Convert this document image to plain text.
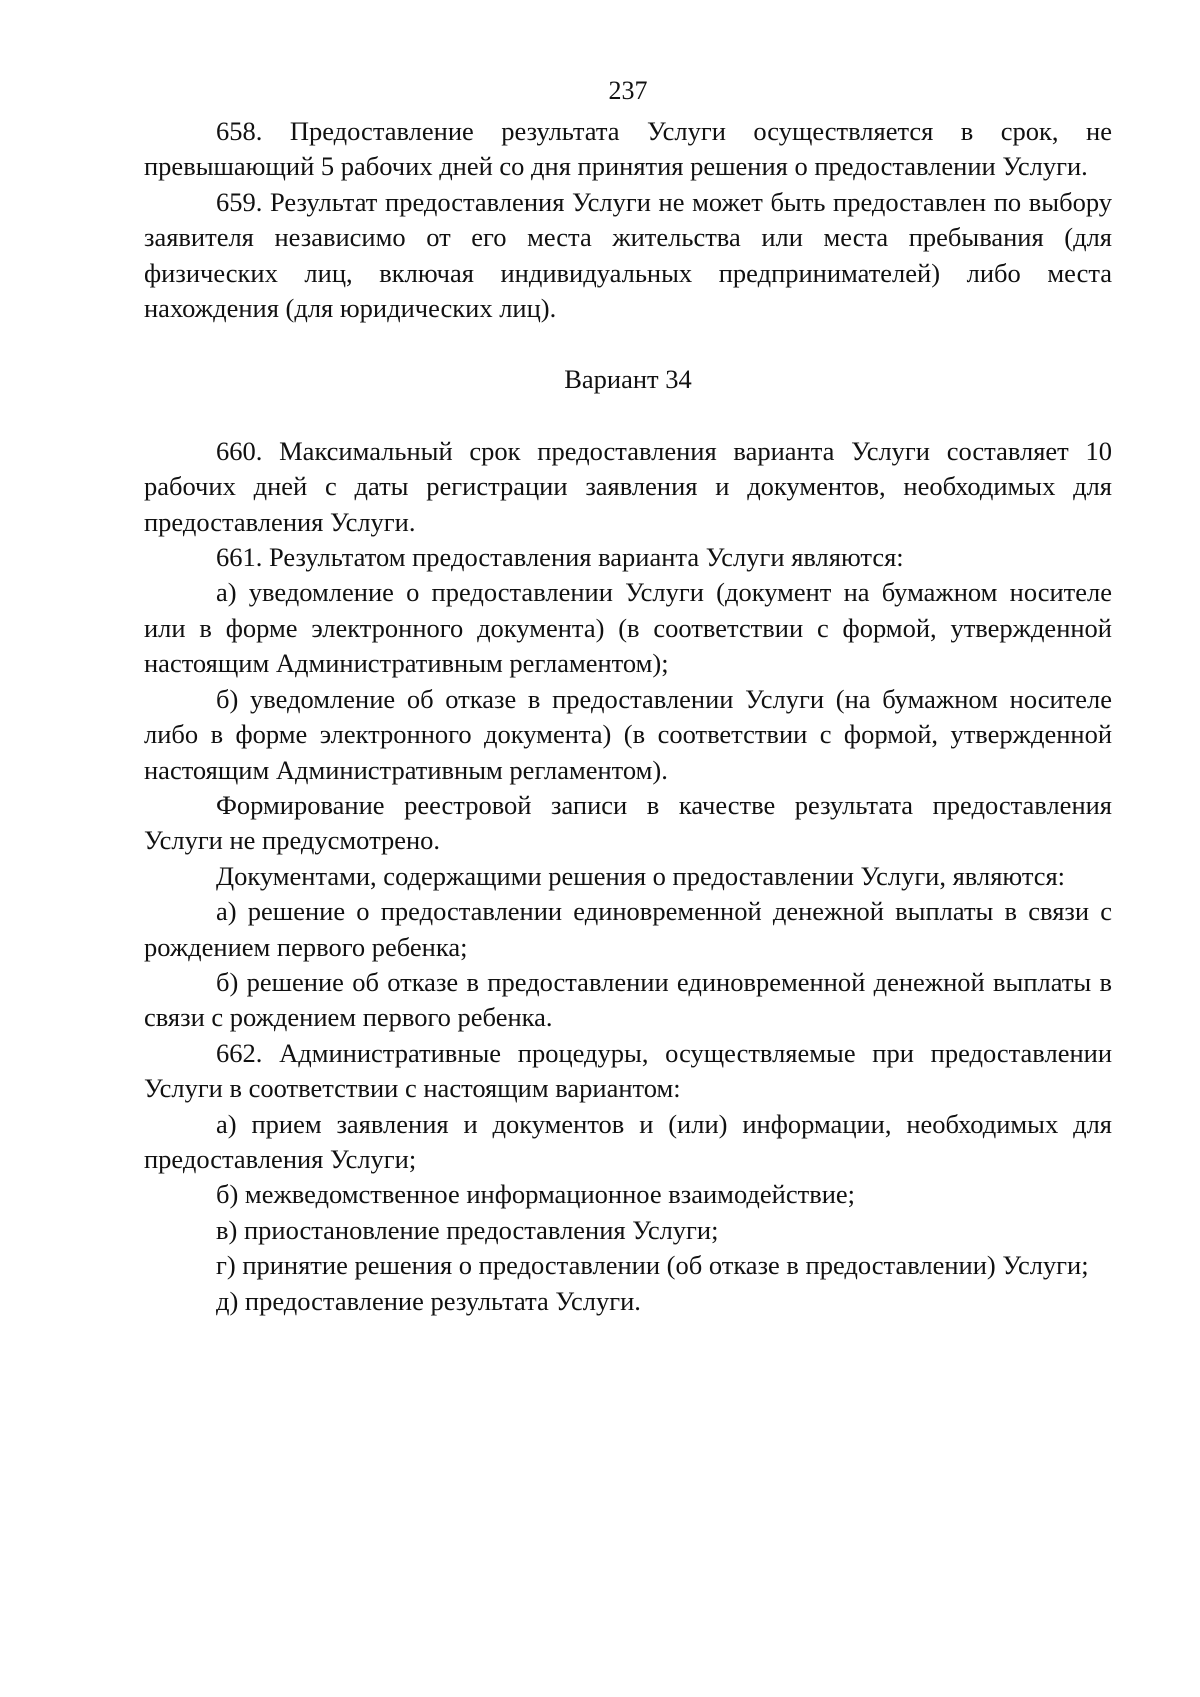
237

658. Предоставление результата Услуги осуществляется в срок, не превышающий 5 рабочих дней со дня принятия решения о предоставлении Услуги.

659. Результат предоставления Услуги не может быть предоставлен по выбору заявителя независимо от его места жительства или места пребывания (для физических лиц, включая индивидуальных предпринимателей) либо места нахождения (для юридических лиц).

Вариант 34

660. Максимальный срок предоставления варианта Услуги составляет 10 рабочих дней с даты регистрации заявления и документов, необходимых для предоставления Услуги.

661. Результатом предоставления варианта Услуги являются:

а) уведомление о предоставлении Услуги (документ на бумажном носителе или в форме электронного документа) (в соответствии с формой, утвержденной настоящим Административным регламентом);

б) уведомление об отказе в предоставлении Услуги (на бумажном носителе либо в форме электронного документа) (в соответствии с формой, утвержденной настоящим Административным регламентом).

Формирование реестровой записи в качестве результата предоставления Услуги не предусмотрено.

Документами, содержащими решения о предоставлении Услуги, являются:

а) решение о предоставлении единовременной денежной выплаты в связи с рождением первого ребенка;

б) решение об отказе в предоставлении единовременной денежной выплаты в связи с рождением первого ребенка.

662. Административные процедуры, осуществляемые при предоставлении Услуги в соответствии с настоящим вариантом:

а) прием заявления и документов и (или) информации, необходимых для предоставления Услуги;

б) межведомственное информационное взаимодействие;

в) приостановление предоставления Услуги;

г) принятие решения о предоставлении (об отказе в предоставлении) Услуги;

д) предоставление результата Услуги.
